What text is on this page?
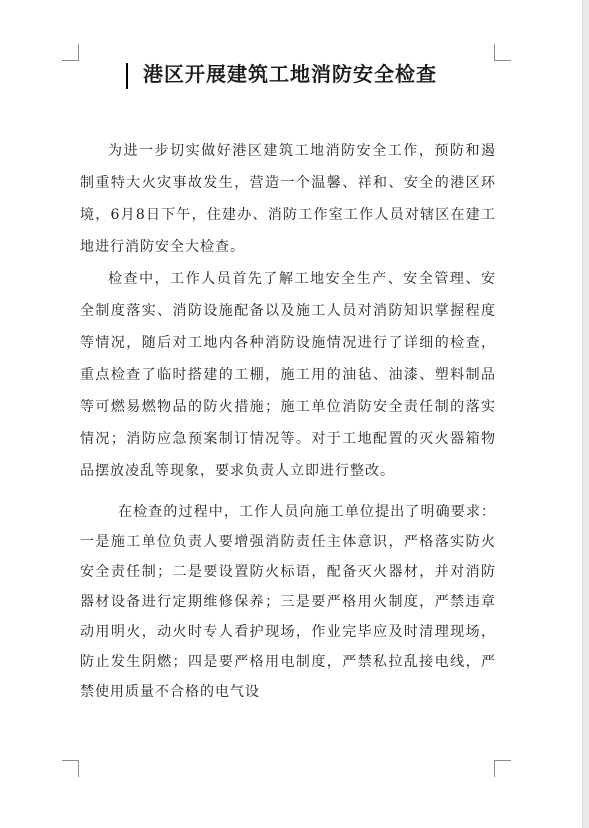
港区开展建筑工地消防安全检查

为进一步切实做好港区建筑工地消防安全工作，预防和遏制重特大火灾事故发生，营造一个温馨、祥和、安全的港区环境，6月8日下午，住建办、消防工作室工作人员对辖区在建工地进行消防安全大检查。

检查中，工作人员首先了解工地安全生产、安全管理、安全制度落实、消防设施配备以及施工人员对消防知识掌握程度等情况，随后对工地内各种消防设施情况进行了详细的检查，重点检查了临时搭建的工棚，施工用的油毡、油漆、塑料制品等可燃易燃物品的防火措施；施工单位消防安全责任制的落实情况；消防应急预案制订情况等。对于工地配置的灭火器箱物品摆放凌乱等现象，要求负责人立即进行整改。

在检查的过程中，工作人员向施工单位提出了明确要求：一是施工单位负责人要增强消防责任主体意识，严格落实防火安全责任制；二是要设置防火标语，配备灭火器材，并对消防器材设备进行定期维修保养；三是要严格用火制度，严禁违章动用明火，动火时专人看护现场，作业完毕应及时清理现场，防止发生阴燃；四是要严格用电制度，严禁私拉乱接电线，严禁使用质量不合格的电气设
